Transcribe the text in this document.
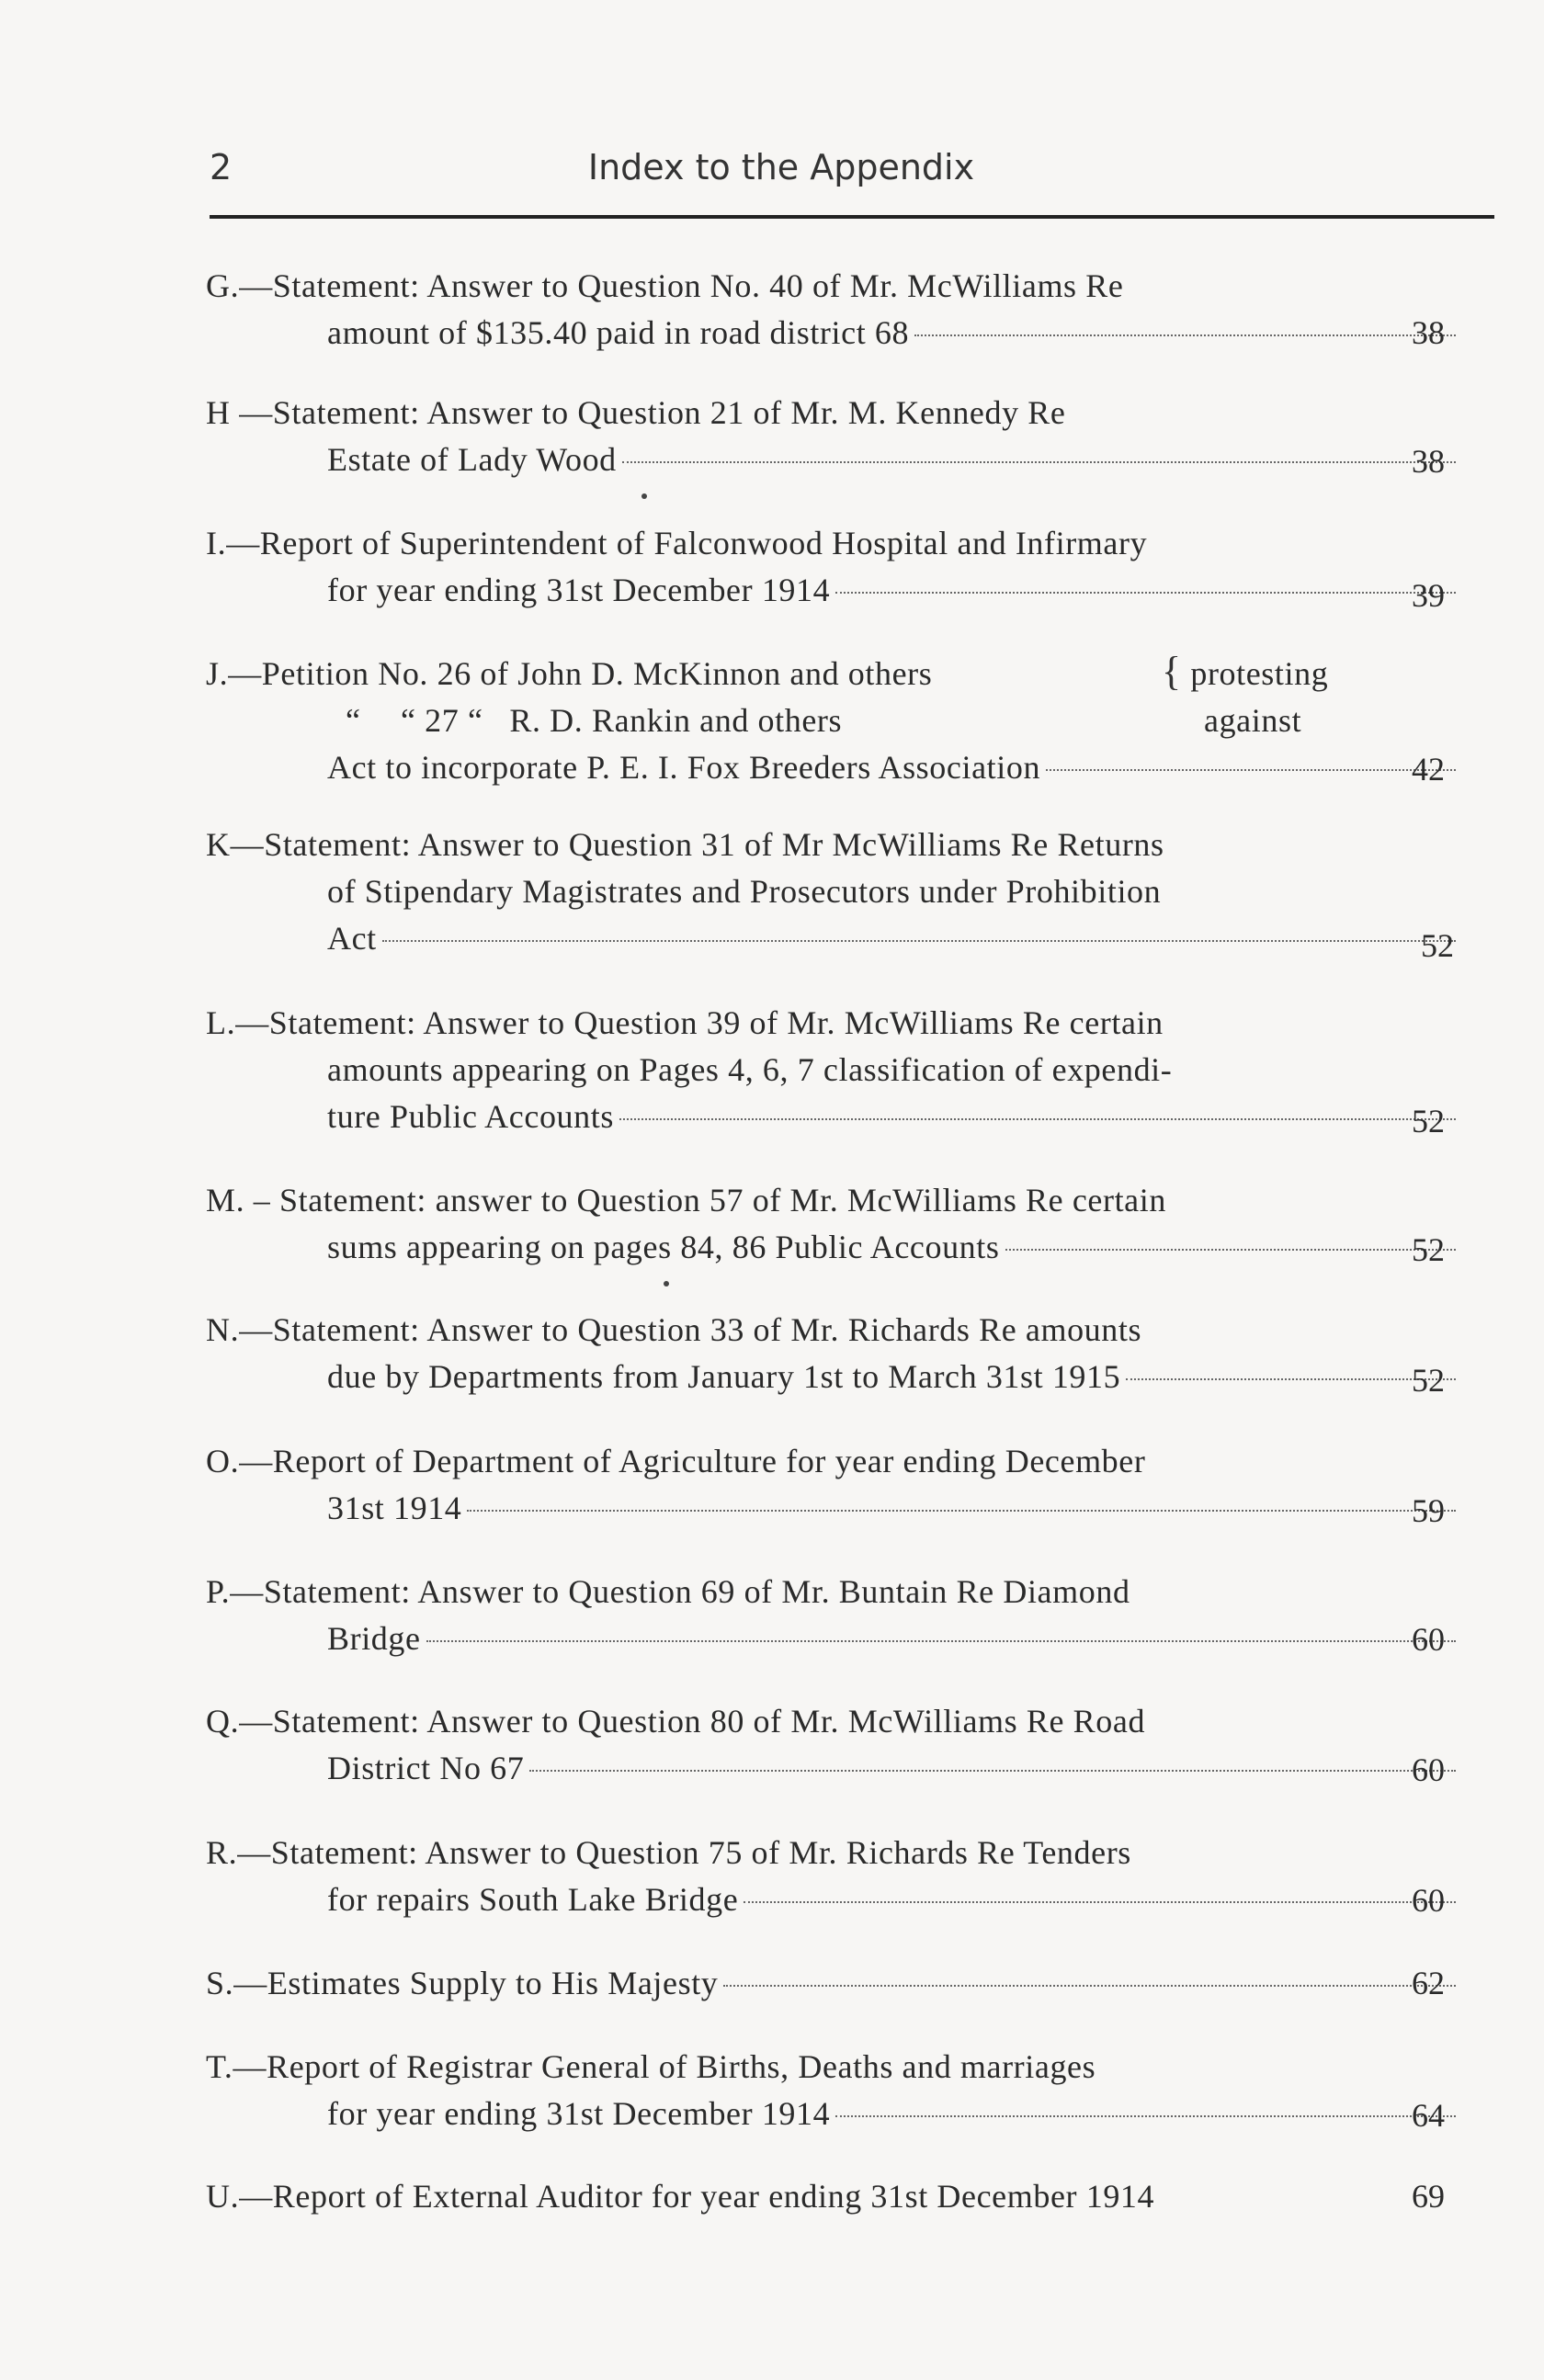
2	Index to the Appendix
G.—Statement: Answer to Question No. 40 of Mr. McWilliams Re
amount of $135.40 paid in road district 68	38
H —Statement: Answer to Question 21 of Mr. M. Kennedy Re
Estate of Lady Wood	38
I.—Report of Superintendent of Falconwood Hospital and Infirmary
for year ending 31st December 1914	39
J.—Petition No. 26 of John D. McKinnon and others
“ “ 27 “ R. D. Rankin and others
{ protesting
against
Act to incorporate P. E. I. Fox Breeders Association	42
K—Statement: Answer to Question 31 of Mr McWilliams Re Returns
of Stipendary Magistrates and Prosecutors under Prohibition
Act	52
L.—Statement: Answer to Question 39 of Mr. McWilliams Re certain
amounts appearing on Pages 4, 6, 7 classification of expendi-
ture Public Accounts	52
M. – Statement: answer to Question 57 of Mr. McWilliams Re certain
sums appearing on pages 84, 86 Public Accounts	52
N.—Statement: Answer to Question 33 of Mr. Richards Re amounts
due by Departments from January 1st to March 31st 1915	52
O.—Report of Department of Agriculture for year ending December
31st 1914	59
P.—Statement: Answer to Question 69 of Mr. Buntain Re Diamond
Bridge	60
Q.—Statement: Answer to Question 80 of Mr. McWilliams Re Road
District No 67	60
R.—Statement: Answer to Question 75 of Mr. Richards Re Tenders
for repairs South Lake Bridge	60
S.—Estimates Supply to His Majesty	62
T.—Report of Registrar General of Births, Deaths and marriages
for year ending 31st December 1914	64
U.—Report of External Auditor for year ending 31st December 1914	69
